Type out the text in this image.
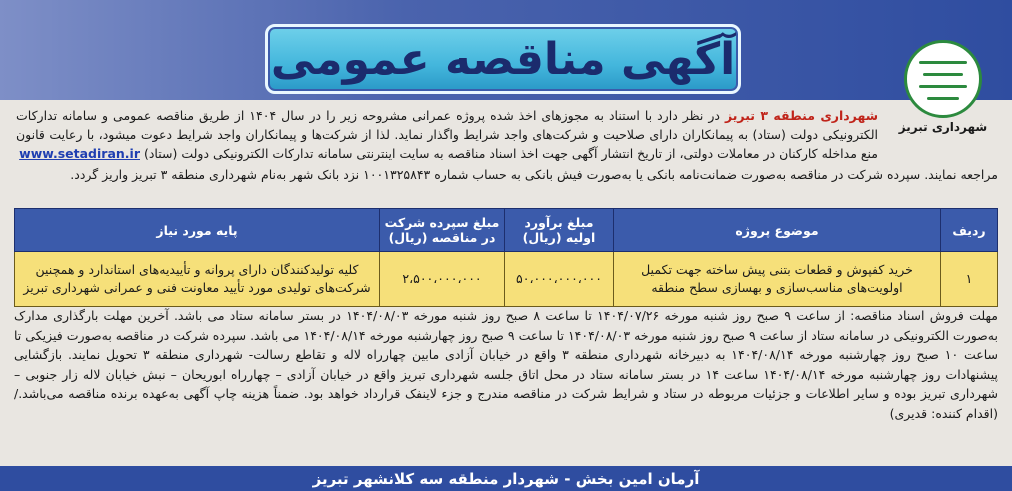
آگهی مناقصه عمومی
شهرداری تبریز
شهرداری منطقه ۳ تبریز در نظر دارد با استناد به مجوزهای اخذ شده پروژه عمرانی مشروحه زیر را در سال ۱۴۰۴ از طریق مناقصه عمومی و سامانه تدارکات الکترونیکی دولت (ستاد) به پیمانکاران دارای صلاحیت و شرکت‌های واجد شرایط واگذار نماید. لذا از شرکت‌ها و پیمانکاران واجد شرایط دعوت میشود، با رعایت قانون منع مداخله کارکنان در معاملات دولتی، از تاریخ انتشار آگهی جهت اخذ اسناد مناقصه به سایت اینترنتی سامانه تدارکات الکترونیکی دولت (ستاد) www.setadiran.ir
مراجعه نمایند. سپرده شرکت در مناقصه به‌صورت ضمانت‌نامه بانکی یا به‌صورت فیش بانکی به حساب شماره ۱۰۰۱۳۲۵۸۴۳ نزد بانک شهر به‌نام شهرداری منطقه ۳ تبریز واریز گردد.
ردیف	موضوع پروژه	مبلغ برآورد اولیه (ریال)	مبلغ سپرده شرکت در مناقصه (ریال)	پایه مورد نیاز
۱	خرید کفپوش و قطعات بتنی پیش ساخته جهت تکمیل اولویت‌های مناسب‌سازی و بهسازی سطح منطقه	۵۰،۰۰۰،۰۰۰،۰۰۰	۲،۵۰۰،۰۰۰،۰۰۰	کلیه تولیدکنندگان دارای پروانه و تأییدیه‌های استاندارد و همچنین شرکت‌های تولیدی مورد تأیید معاونت فنی و عمرانی شهرداری تبریز
مهلت فروش اسناد مناقصه: از ساعت ۹ صبح روز شنبه مورخه ۱۴۰۴/۰۷/۲۶ تا ساعت ۸ صبح روز شنبه مورخه ۱۴۰۴/۰۸/۰۳ در بستر سامانه ستاد می باشد. آخرین مهلت بارگذاری مدارک به‌صورت الکترونیکی در سامانه ستاد از ساعت ۹ صبح روز شنبه مورخه ۱۴۰۴/۰۸/۰۳ تا ساعت ۹ صبح روز چهارشنبه مورخه ۱۴۰۴/۰۸/۱۴ می باشد. سپرده شرکت در مناقصه به‌صورت فیزیکی تا ساعت ۱۰ صبح روز چهارشنبه مورخه ۱۴۰۴/۰۸/۱۴ به دبیرخانه شهرداری منطقه ۳ واقع در خیابان آزادی مابین چهارراه لاله و تقاطع رسالت- شهرداری منطقه ۳ تحویل نمایند. بازگشایی پیشنهادات روز چهارشنبه مورخه ۱۴۰۴/۰۸/۱۴ ساعت ۱۴ در بستر سامانه ستاد در محل اتاق جلسه شهرداری تبریز واقع در خیابان آزادی – چهارراه ابوریحان – نبش خیابان لاله زار جنوبی – شهرداری تبریز بوده و سایر اطلاعات و جزئیات مربوطه در ستاد و شرایط شرکت در مناقصه مندرج و جزء لاینفک قرارداد خواهد بود. ضمناً هزینه چاپ آگهی به‌عهده برنده مناقصه می‌باشد./ (اقدام کننده: قدیری)
آرمان امین بخش - شهردار منطقه سه کلانشهر تبریز
